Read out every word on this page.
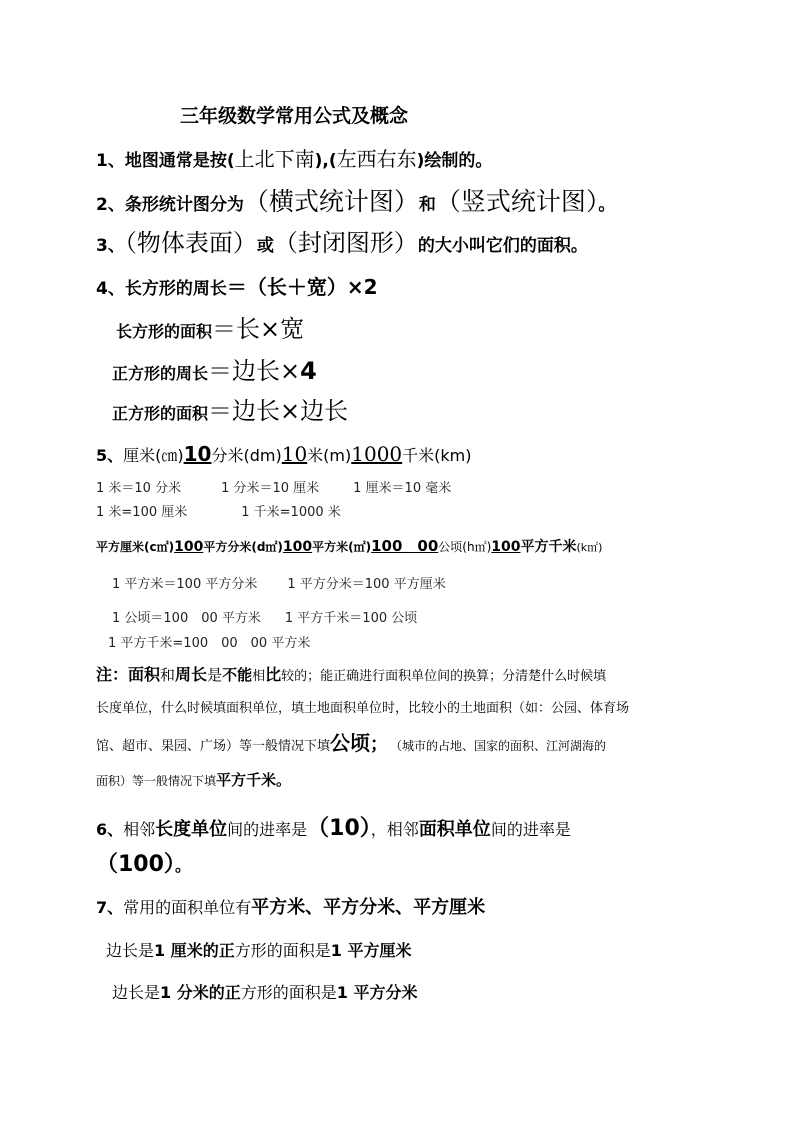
三年级数学常用公式及概念
1、地图通常是按(上北下南),(左西右东)绘制的。
2、条形统计图分为（横式统计图）和（竖式统计图）。
3、（物体表面）或（封闭图形）的大小叫它们的面积。
4、长方形的周长＝（长＋宽）×2
长方形的面积＝长×宽
正方形的周长＝边长×4
正方形的面积＝边长×边长
5、厘米(㎝)10分米(dm)10米(m)1000千米(km)
1 米＝10 分米	1 分米＝10 厘米	1 厘米＝10 毫米
1 米=100 厘米	1 千米=1000 米
平方厘米(c㎡)100平方分米(d㎡)100平方米(㎡)100　00公顷(h㎡)100平方千米(k㎡)
1 平方米＝100 平方分米 1 平方分米＝100 平方厘米
1 公顷＝100　00 平方米 1 平方千米＝100 公顷
1 平方千米=100　00　00 平方米
注：面积和周长是不能相比较的；能正确进行面积单位间的换算；分清楚什么时候填
长度单位，什么时候填面积单位，填土地面积单位时，比较小的土地面积（如：公园、体育场
馆、超市、果园、广场）等一般情况下填公顷； （城市的占地、国家的面积、江河湖海的
面积）等一般情况下填平方千米。
6、相邻长度单位间的进率是（10），相邻面积单位间的进率是
（100）。
7、常用的面积单位有平方米、平方分米、平方厘米
边长是1 厘米的正方形的面积是1 平方厘米
边长是1 分米的正方形的面积是1 平方分米
